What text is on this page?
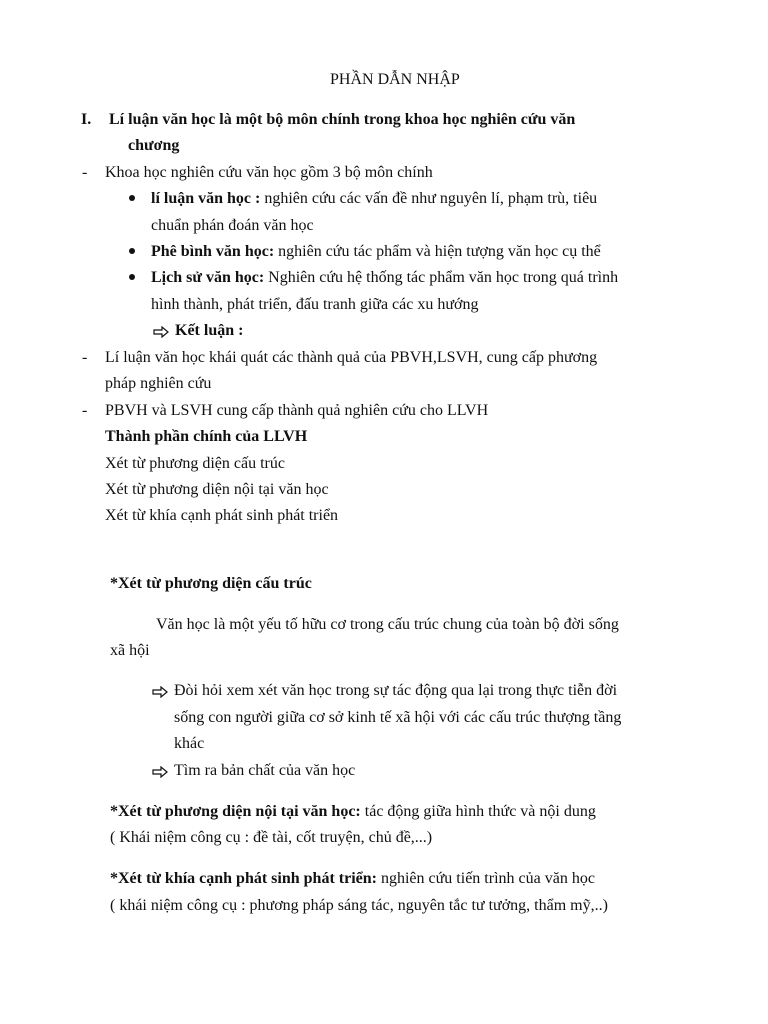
PHẦN DẪN NHẬP
I. Lí luận văn học là một bộ môn chính trong khoa học nghiên cứu văn
chương
- Khoa học nghiên cứu văn học gồm 3 bộ môn chính
lí luận văn học : nghiên cứu các vấn đề như nguyên lí, phạm trù, tiêu
chuẩn phán đoán văn học
Phê bình văn học: nghiên cứu tác phẩm và hiện tượng văn học cụ thể
Lịch sử văn học: Nghiên cứu hệ thống tác phẩm văn học trong quá trình
hình thành, phát triển, đấu tranh giữa các xu hướng
Kết luận :
- Lí luận văn học khái quát các thành quả của PBVH,LSVH, cung cấp phương
pháp nghiên cứu
- PBVH và LSVH cung cấp thành quả nghiên cứu cho LLVH
Thành phần chính của LLVH
Xét từ phương diện cấu trúc
Xét từ phương diện nội tại văn học
Xét từ khía cạnh phát sinh phát triển
*Xét từ phương diện cấu trúc
Văn học là một yếu tố hữu cơ trong cấu trúc chung của toàn bộ đời sống
xã hội
Đòi hỏi xem xét văn học trong sự tác động qua lại trong thực tiễn đời
sống con người giữa cơ sở kinh tế xã hội với các cấu trúc thượng tầng
khác
Tìm ra bản chất của văn học
*Xét từ phương diện nội tại văn học: tác động giữa hình thức và nội dung
( Khái niệm công cụ : đề tài, cốt truyện, chủ đề,...)
*Xét từ khía cạnh phát sinh phát triển: nghiên cứu tiến trình của văn học
( khái niệm công cụ : phương pháp sáng tác, nguyên tắc tư tưởng, thẩm mỹ,..)
